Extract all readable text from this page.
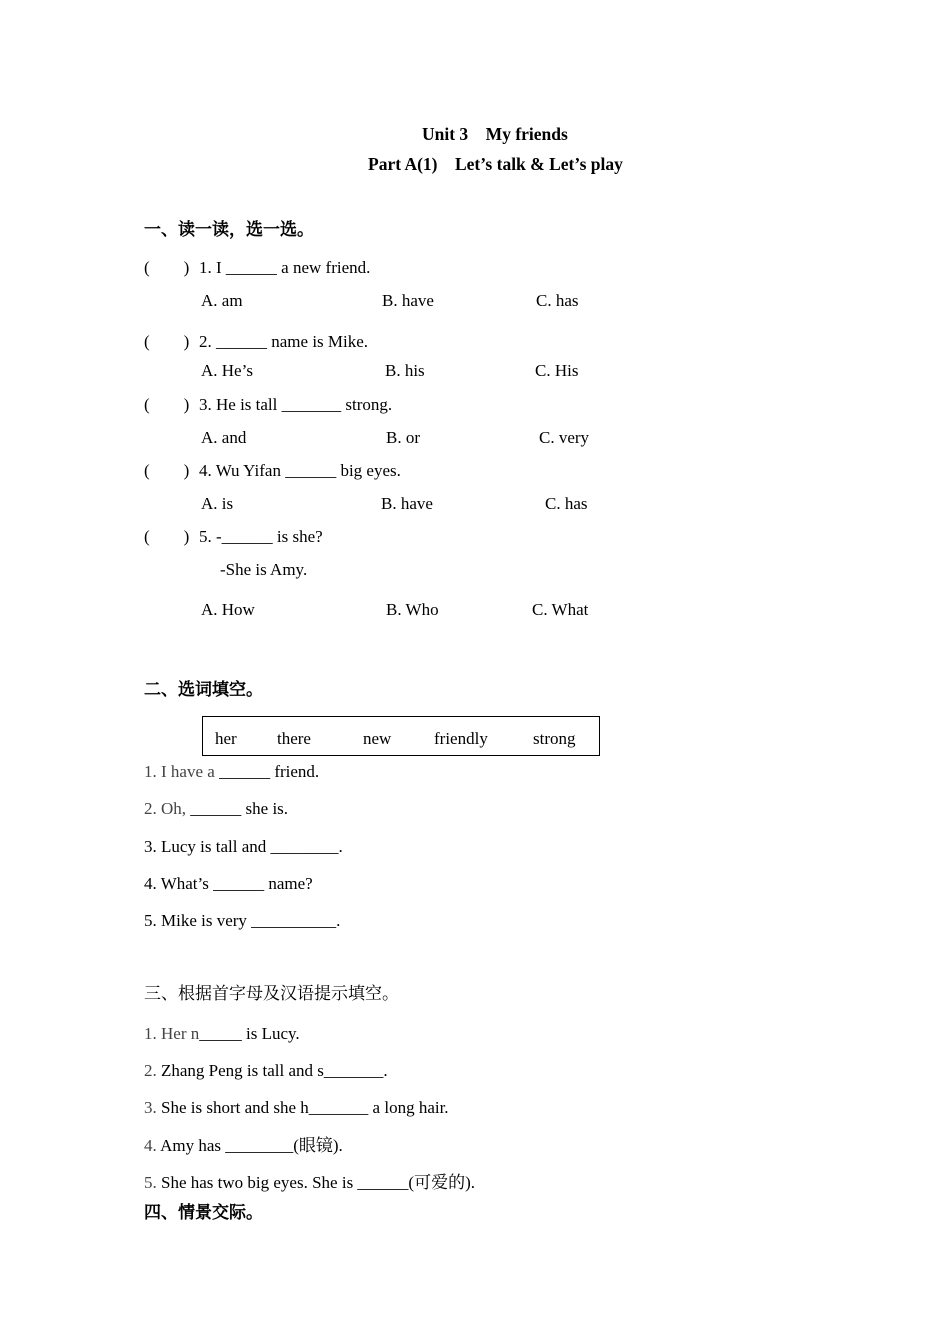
Unit 3    My friends
Part A(1)    Let’s talk & Let’s play
一、读一读，选一选。
(        ) 1. I ______ a new friend.
A. am	B. have	C. has
(        ) 2. ______ name is Mike.
A. He’s	B. his	C. His
(        ) 3. He is tall _______ strong.
A. and	B. or	C. very
(        ) 4. Wu Yifan ______ big eyes.
A. is	B. have	C. has
(        ) 5. -______ is she?
-She is Amy.
A. How	B. Who	C. What
二、选词填空。
her there	new	friendly	strong
1. I have a ______ friend.
2. Oh, ______ she is.
3. Lucy is tall and ________.
4. What’s ______ name?
5. Mike is very __________.
三、根据首字母及汉语提示填空。
1. Her n_____ is Lucy.
2. Zhang Peng is tall and s_______.
3. She is short and she h_______ a long hair.
4. Amy has ________(眼镜).
5. She has two big eyes. She is ______(可爱的).
四、情景交际。
